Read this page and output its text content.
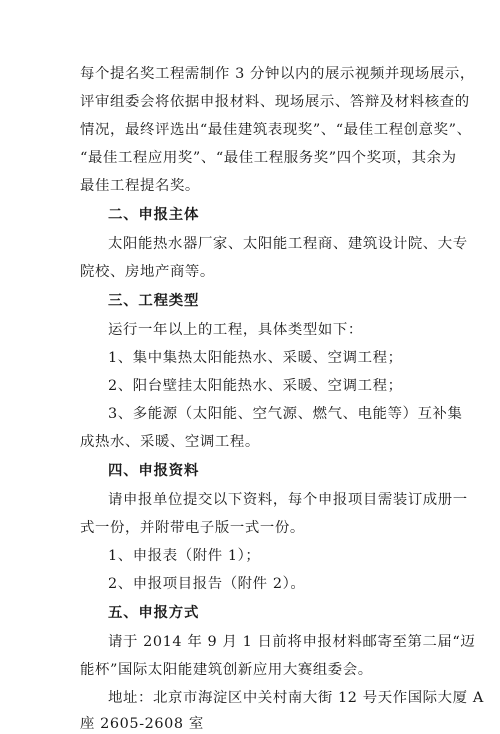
每个提名奖工程需制作 3 分钟以内的展示视频并现场展示，
评审组委会将依据申报材料、现场展示、答辩及材料核查的
情况，最终评选出“最佳建筑表现奖”、“最佳工程创意奖”、
“最佳工程应用奖”、“最佳工程服务奖”四个奖项，其余为
最佳工程提名奖。
二、申报主体
太阳能热水器厂家、太阳能工程商、建筑设计院、大专
院校、房地产商等。
三、工程类型
运行一年以上的工程，具体类型如下：
1、集中集热太阳能热水、采暖、空调工程；
2、阳台壁挂太阳能热水、采暖、空调工程；
3、多能源（太阳能、空气源、燃气、电能等）互补集
成热水、采暖、空调工程。
四、申报资料
请申报单位提交以下资料，每个申报项目需装订成册一
式一份，并附带电子版一式一份。
1、申报表（附件 1）；
2、申报项目报告（附件 2）。
五、申报方式
请于 2014 年 9 月 1 日前将申报材料邮寄至第二届“迈
能杯”国际太阳能建筑创新应用大赛组委会。
地址：北京市海淀区中关村南大街 12 号天作国际大厦 A
座 2605-2608 室
